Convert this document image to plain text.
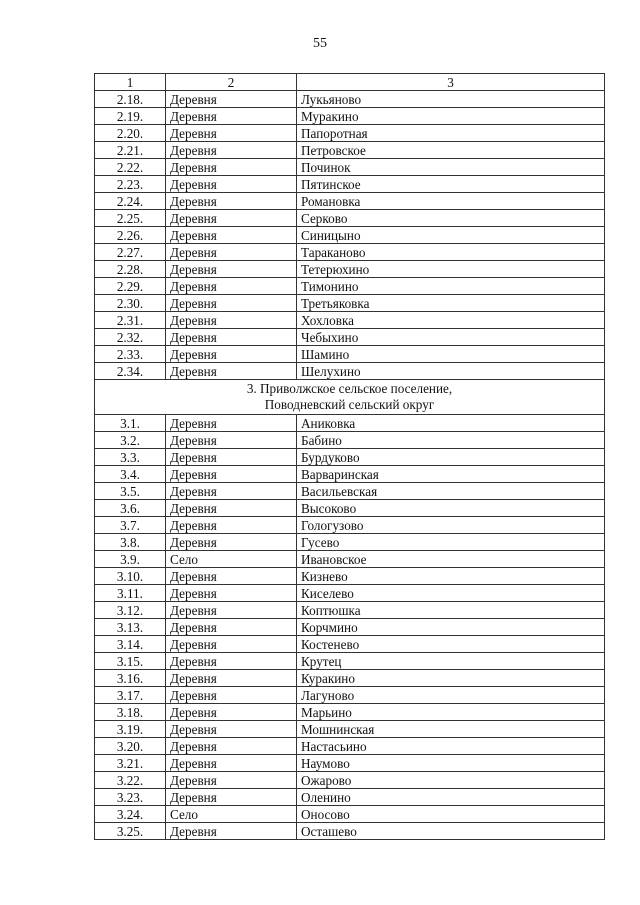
55
1	2	3
2.18.	Деревня	Лукьяново
2.19.	Деревня	Муракино
2.20.	Деревня	Папоротная
2.21.	Деревня	Петровское
2.22.	Деревня	Починок
2.23.	Деревня	Пятинское
2.24.	Деревня	Романовка
2.25.	Деревня	Серково
2.26.	Деревня	Синицыно
2.27.	Деревня	Тараканово
2.28.	Деревня	Тетерюхино
2.29.	Деревня	Тимонино
2.30.	Деревня	Третьяковка
2.31.	Деревня	Хохловка
2.32.	Деревня	Чебыхино
2.33.	Деревня	Шамино
2.34.	Деревня	Шелухино

3. Приволжское сельское поселение,
Поводневский сельский округ		

3.1.	Деревня	Аниковка
3.2.	Деревня	Бабино
3.3.	Деревня	Бурдуково
3.4.	Деревня	Варваринская
3.5.	Деревня	Васильевская
3.6.	Деревня	Высоково
3.7.	Деревня	Гологузово
3.8.	Деревня	Гусево
3.9.	Село	Ивановское
3.10.	Деревня	Кизнево
3.11.	Деревня	Киселево
3.12.	Деревня	Коптюшка
3.13.	Деревня	Корчмино
3.14.	Деревня	Костенево
3.15.	Деревня	Крутец
3.16.	Деревня	Куракино
3.17.	Деревня	Лагуново
3.18.	Деревня	Марьино
3.19.	Деревня	Мошнинская
3.20.	Деревня	Настасьино
3.21.	Деревня	Наумово
3.22.	Деревня	Ожарово
3.23.	Деревня	Оленино
3.24.	Село	Оносово
3.25.	Деревня	Осташево
